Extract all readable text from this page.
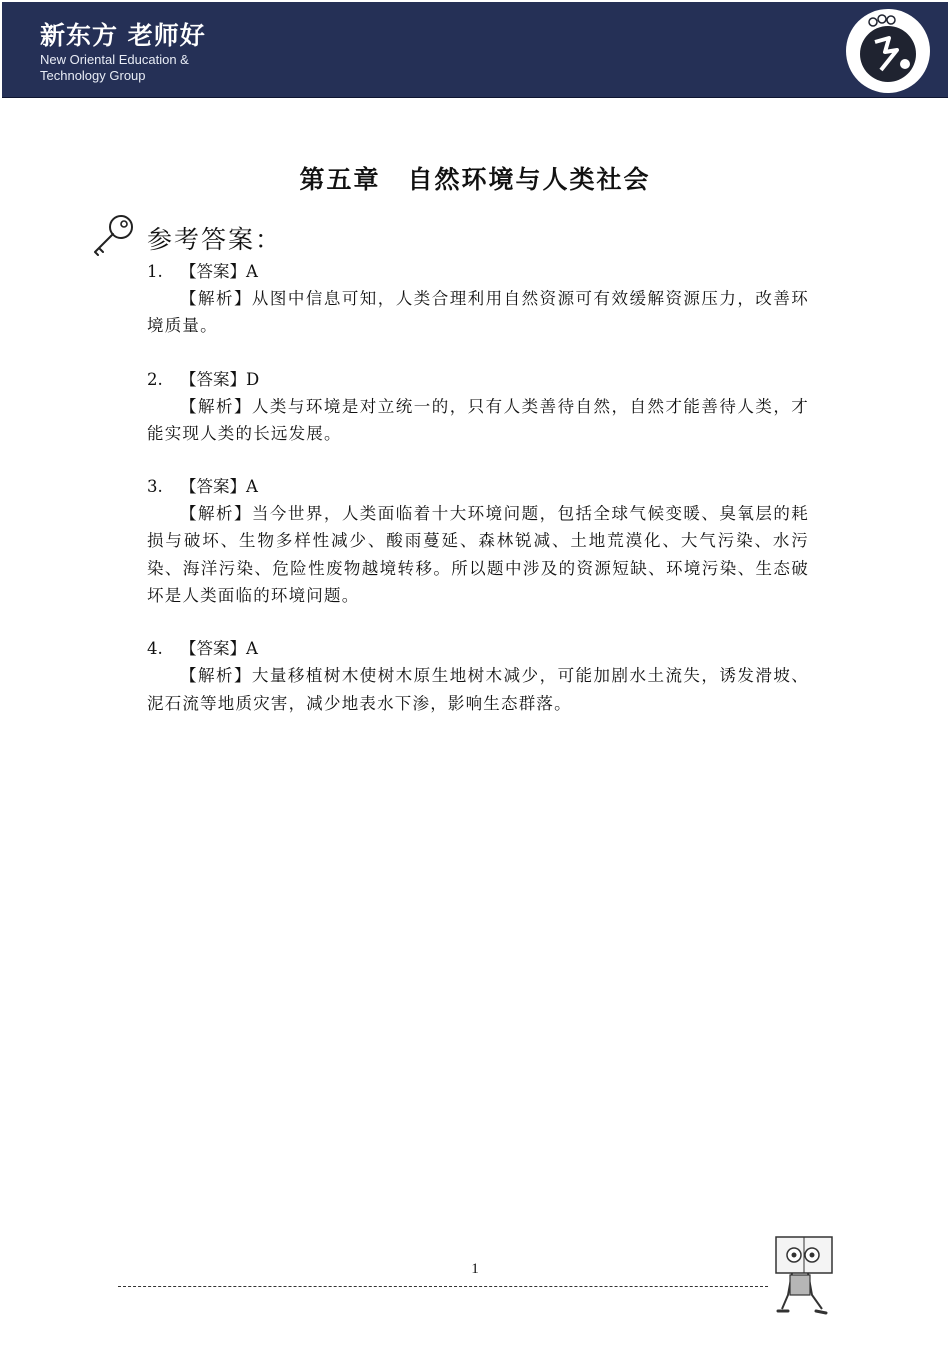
新东方 老师好
New Oriental Education & Technology Group
第五章　自然环境与人类社会
参考答案：
1. 【答案】A
【解析】从图中信息可知，人类合理利用自然资源可有效缓解资源压力，改善环境质量。
2. 【答案】D
【解析】人类与环境是对立统一的，只有人类善待自然，自然才能善待人类，才能实现人类的长远发展。
3. 【答案】A
【解析】当今世界，人类面临着十大环境问题，包括全球气候变暖、臭氧层的耗损与破坏、生物多样性减少、酸雨蔓延、森林锐减、土地荒漠化、大气污染、水污染、海洋污染、危险性废物越境转移。所以题中涉及的资源短缺、环境污染、生态破坏是人类面临的环境问题。
4. 【答案】A
【解析】大量移植树木使树木原生地树木减少，可能加剧水土流失，诱发滑坡、泥石流等地质灾害，减少地表水下渗，影响生态群落。
1
